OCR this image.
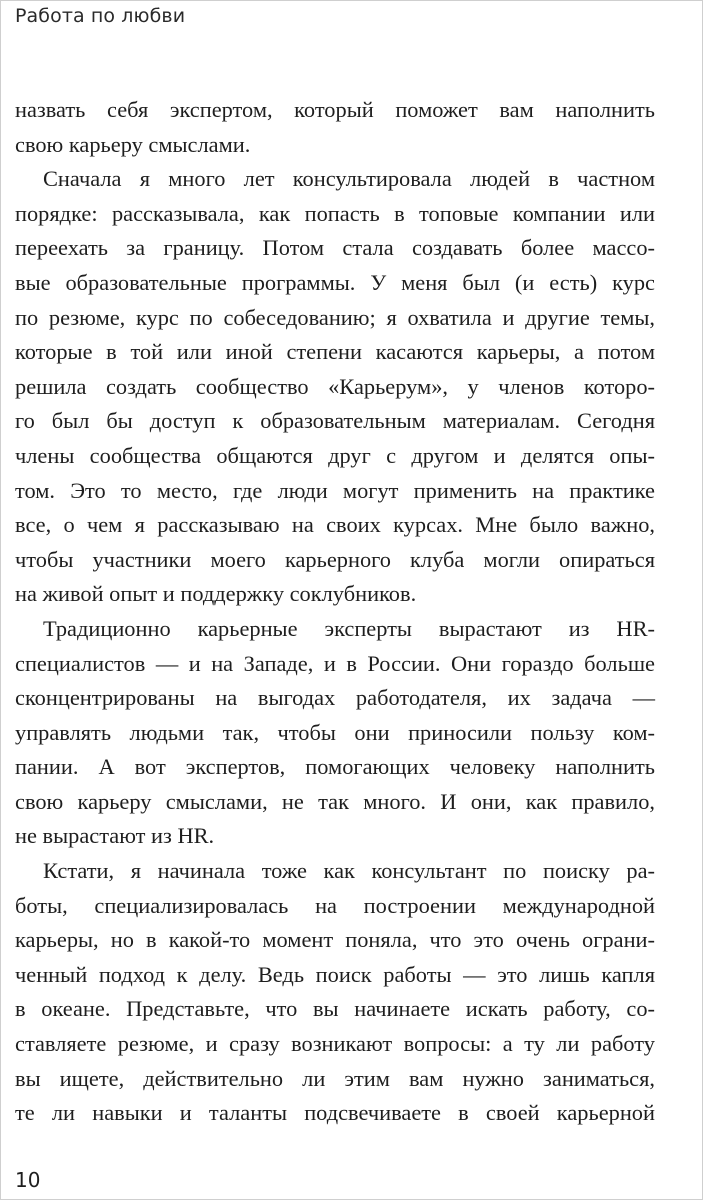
Работа по любви
назвать себя экспертом, который поможет вам наполнить
свою карьеру смыслами.
Сначала я много лет консультировала людей в частном
порядке: рассказывала, как попасть в топовые компании или
переехать за границу. Потом стала создавать более массо-
вые образовательные программы. У меня был (и есть) курс
по резюме, курс по собеседованию; я охватила и другие темы,
которые в той или иной степени касаются карьеры, а потом
решила создать сообщество «Карьерум», у членов которо-
го был бы доступ к образовательным материалам. Сегодня
члены сообщества общаются друг с другом и делятся опы-
том. Это то место, где люди могут применить на практике
все, о чем я рассказываю на своих курсах. Мне было важно,
чтобы участники моего карьерного клуба могли опираться
на живой опыт и поддержку соклубников.
Традиционно карьерные эксперты вырастают из HR-
специалистов — и на Западе, и в России. Они гораздо больше
сконцентрированы на выгодах работодателя, их задача —
управлять людьми так, чтобы они приносили пользу ком-
пании. А вот экспертов, помогающих человеку наполнить
свою карьеру смыслами, не так много. И они, как правило,
не вырастают из HR.
Кстати, я начинала тоже как консультант по поиску ра-
боты, специализировалась на построении международной
карьеры, но в какой-то момент поняла, что это очень ограни-
ченный подход к делу. Ведь поиск работы — это лишь капля
в океане. Представьте, что вы начинаете искать работу, со-
ставляете резюме, и сразу возникают вопросы: а ту ли работу
вы ищете, действительно ли этим вам нужно заниматься,
те ли навыки и таланты подсвечиваете в своей карьерной
10
